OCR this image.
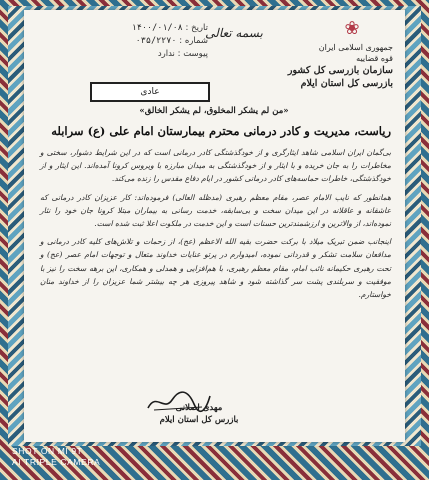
❀
جمهوری اسلامی ایران
قوه قضاییه
سازمان بازرسی کل کشور
بازرسی کل استان ایلام
بسمه تعالی
تاریخ : ۱۴۰۰/۰۱/۰۸
شماره : ۰۳۵/۲۲۷۰
پیوست : ندارد
عادی
«من لم یشکر المخلوق، لم یشکر الخالق»
ریاست، مدیریت و کادر درمانی محترم بیمارستان امام علی (ع) سرابله

بی‌گمان ایران اسلامی شاهد ایثارگری و از خودگذشتگی کادر درمانی است که در این شرایط دشوار، سختی و مخاطرات را به جان خریده و با ایثار و از خودگذشتگی به میدان مبارزه با ویروس کرونا آمده‌اند. این ایثار و از خودگذشتگی، خاطرات حماسه‌های کادر درمانی کشور در ایام دفاع مقدس را زنده می‌کند.

همانطور که نایب الامام عصر، مقام معظم رهبری (مدظله العالی) فرموده‌اند: کار عزیزان کادر درمانی که عاشقانه و عاقلانه در این میدان سخت و بی‌سابقه، خدمت رسانی به بیماران مبتلا کرونا جان خود را نثار نموده‌اند، از والاترین و ارزشمندترین حسنات است و این خدمت در ملکوت اعلا ثبت شده است.

اینجانب ضمن تبریک میلاد با برکت حضرت بقیه الله الاعظم (عج)، از زحمات و تلاش‌های کلیه کادر درمانی و مدافعان سلامت تشکر و قدردانی نموده، امیدوارم در پرتو عنایات خداوند متعال و توجهات امام عصر (عج) و تحت رهبری حکیمانه نائب امام، مقام معظم رهبری، با هم‌افزایی و همدلی و همکاری، این برهه سخت را نیز با موفقیت و سربلندی پشت سر گذاشته شود و شاهد پیروزی هر چه بیشتر شما عزیزان را از خداوند منان خواستارم.

مهدی اصلانی
بازرس کل استان ایلام
SHOT ON MI 9T
AI TRIPLE CAMERA
